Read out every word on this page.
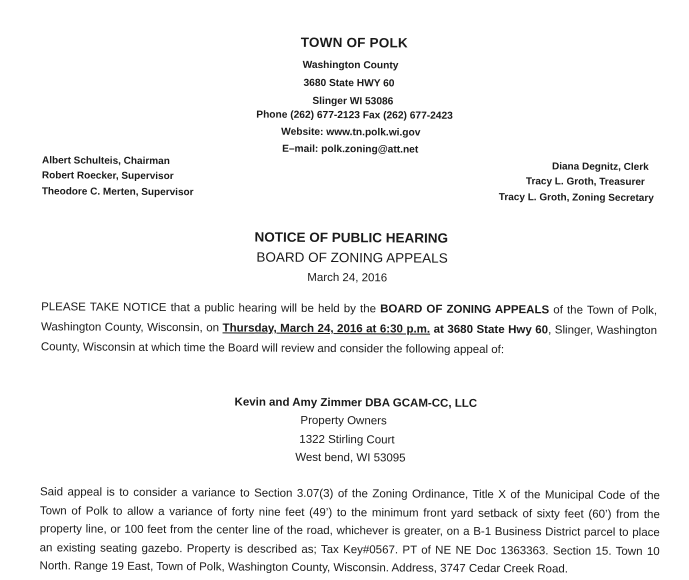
TOWN OF POLK
Washington County
3680 State HWY 60
Slinger WI 53086
Phone (262) 677-2123 Fax (262) 677-2423
Website: www.tn.polk.wi.gov
E–mail: polk.zoning@att.net
Albert Schulteis, Chairman
Robert Roecker, Supervisor
Theodore C. Merten, Supervisor
Diana Degnitz, Clerk
Tracy L. Groth, Treasurer
Tracy L. Groth, Zoning Secretary
NOTICE OF PUBLIC HEARING
BOARD OF ZONING APPEALS
March 24, 2016
PLEASE TAKE NOTICE that a public hearing will be held by the BOARD OF ZONING APPEALS of the Town of Polk, Washington County, Wisconsin, on Thursday, March 24, 2016 at 6:30 p.m. at 3680 State Hwy 60, Slinger, Washington County, Wisconsin at which time the Board will review and consider the following appeal of:
Kevin and Amy Zimmer DBA GCAM-CC, LLC
Property Owners
1322 Stirling Court
West bend, WI 53095
Said appeal is to consider a variance to Section 3.07(3) of the Zoning Ordinance, Title X of the Municipal Code of the Town of Polk to allow a variance of forty nine feet (49’) to the minimum front yard setback of sixty feet (60’) from the property line, or 100 feet from the center line of the road, whichever is greater, on a B-1 Business District parcel to place an existing seating gazebo. Property is described as; Tax Key#0567. PT of NE NE Doc 1363363. Section 15. Town 10 North. Range 19 East, Town of Polk, Washington County, Wisconsin. Address, 3747 Cedar Creek Road.
